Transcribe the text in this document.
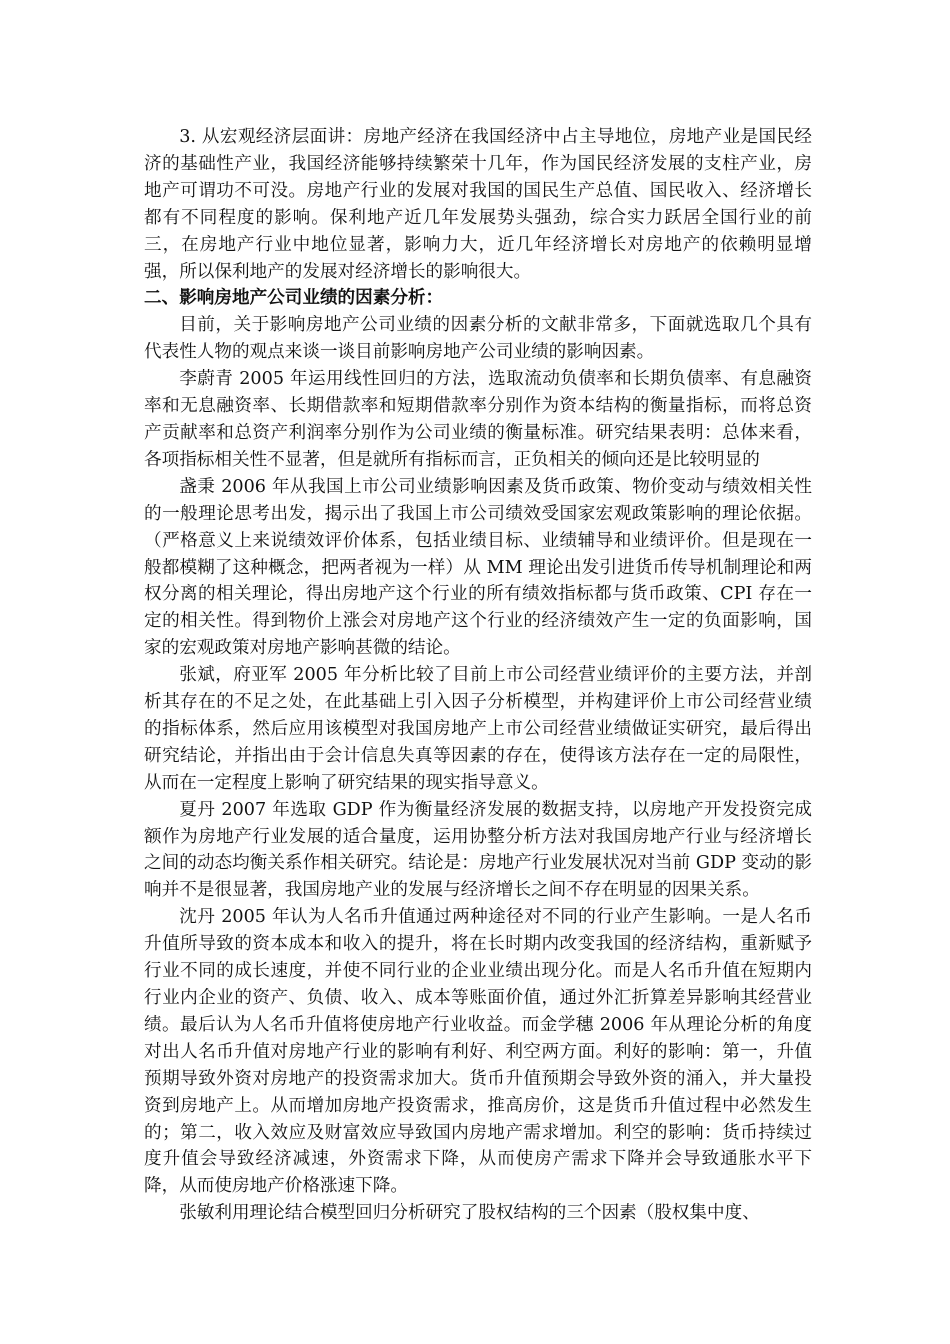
3. 从宏观经济层面讲：房地产经济在我国经济中占主导地位，房地产业是国民经济的基础性产业，我国经济能够持续繁荣十几年，作为国民经济发展的支柱产业，房地产可谓功不可没。房地产行业的发展对我国的国民生产总值、国民收入、经济增长都有不同程度的影响。保利地产近几年发展势头强劲，综合实力跃居全国行业的前三，在房地产行业中地位显著，影响力大，近几年经济增长对房地产的依赖明显增强，所以保利地产的发展对经济增长的影响很大。

二、影响房地产公司业绩的因素分析：

目前，关于影响房地产公司业绩的因素分析的文献非常多，下面就选取几个具有代表性人物的观点来谈一谈目前影响房地产公司业绩的影响因素。

李蔚青 2005 年运用线性回归的方法，选取流动负债率和长期负债率、有息融资率和无息融资率、长期借款率和短期借款率分别作为资本结构的衡量指标，而将总资产贡献率和总资产利润率分别作为公司业绩的衡量标准。研究结果表明：总体来看，各项指标相关性不显著，但是就所有指标而言，正负相关的倾向还是比较明显的

盏秉 2006 年从我国上市公司业绩影响因素及货币政策、物价变动与绩效相关性的一般理论思考出发，揭示出了我国上市公司绩效受国家宏观政策影响的理论依据。（严格意义上来说绩效评价体系，包括业绩目标、业绩辅导和业绩评价。但是现在一般都模糊了这种概念，把两者视为一样）从 MM 理论出发引进货币传导机制理论和两权分离的相关理论，得出房地产这个行业的所有绩效指标都与货币政策、CPI 存在一定的相关性。得到物价上涨会对房地产这个行业的经济绩效产生一定的负面影响，国家的宏观政策对房地产影响甚微的结论。

张斌，府亚军 2005 年分析比较了目前上市公司经营业绩评价的主要方法，并剖析其存在的不足之处，在此基础上引入因子分析模型，并构建评价上市公司经营业绩的指标体系，然后应用该模型对我国房地产上市公司经营业绩做证实研究，最后得出研究结论，并指出由于会计信息失真等因素的存在，使得该方法存在一定的局限性，从而在一定程度上影响了研究结果的现实指导意义。

夏丹 2007 年选取 GDP 作为衡量经济发展的数据支持，以房地产开发投资完成额作为房地产行业发展的适合量度，运用协整分析方法对我国房地产行业与经济增长之间的动态均衡关系作相关研究。结论是：房地产行业发展状况对当前 GDP 变动的影响并不是很显著，我国房地产业的发展与经济增长之间不存在明显的因果关系。

沈丹 2005 年认为人名币升值通过两种途径对不同的行业产生影响。一是人名币升值所导致的资本成本和收入的提升，将在长时期内改变我国的经济结构，重新赋予行业不同的成长速度，并使不同行业的企业业绩出现分化。而是人名币升值在短期内行业内企业的资产、负债、收入、成本等账面价值，通过外汇折算差异影响其经营业绩。最后认为人名币升值将使房地产行业收益。而金学穗 2006 年从理论分析的角度对出人名币升值对房地产行业的影响有利好、利空两方面。利好的影响：第一，升值预期导致外资对房地产的投资需求加大。货币升值预期会导致外资的涌入，并大量投资到房地产上。从而增加房地产投资需求，推高房价，这是货币升值过程中必然发生的；第二，收入效应及财富效应导致国内房地产需求增加。利空的影响：货币持续过度升值会导致经济减速，外资需求下降，从而使房产需求下降并会导致通胀水平下降，从而使房地产价格涨速下降。

张敏利用理论结合模型回归分析研究了股权结构的三个因素（股权集中度、
